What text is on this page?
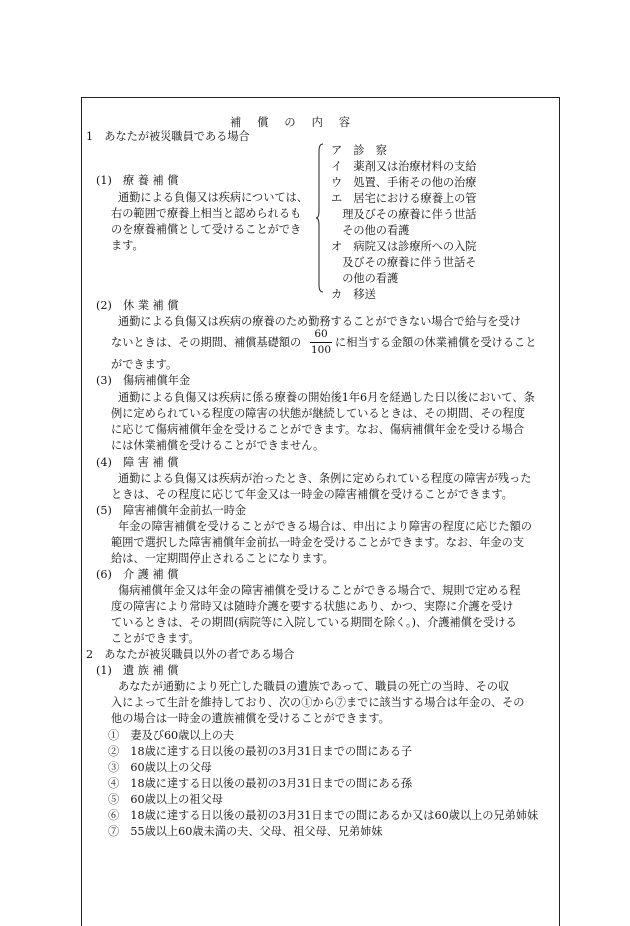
補 償 の 内 容
1　あなたが被災職員である場合
(1)　療 養 補 償
通勤による負傷又は疾病については、
右の範囲で療養上相当と認められるも
のを療養補償として受けることができ
ます。
ア　診　察
イ　薬剤又は治療材料の支給
ウ　処置、手術その他の治療
エ　居宅における療養上の管
　理及びその療養に伴う世話
　その他の看護
オ　病院又は診療所への入院
　及びその療養に伴う世話そ
　の他の看護
カ　移送
(2)　休 業 補 償
通勤による負傷又は疾病の療養のため勤務することができない場合で給与を受け
ないときは、その期間、補償基礎額の
60
100
に相当する金額の休業補償を受けること
ができます。
(3)　傷病補償年金
通勤による負傷又は疾病に係る療養の開始後1年6月を経過した日以後において、条
例に定められている程度の障害の状態が継続しているときは、その期間、その程度
に応じて傷病補償年金を受けることができます。なお、傷病補償年金を受ける場合
には休業補償を受けることができません。
(4)　障 害 補 償
通勤による負傷又は疾病が治ったとき、条例に定められている程度の障害が残った
ときは、その程度に応じて年金又は一時金の障害補償を受けることができます。
(5)　障害補償年金前払一時金
年金の障害補償を受けることができる場合は、申出により障害の程度に応じた額の
範囲で選択した障害補償年金前払一時金を受けることができます。なお、年金の支
給は、一定期間停止されることになります。
(6)　介 護 補 償
傷病補償年金又は年金の障害補償を受けることができる場合で、規則で定める程
度の障害により常時又は随時介護を要する状態にあり、かつ、実際に介護を受け
ているときは、その期間(病院等に入院している期間を除く。)、介護補償を受ける
ことができます。
2　あなたが被災職員以外の者である場合
(1)　遺 族 補 償
あなたが通勤により死亡した職員の遺族であって、職員の死亡の当時、その収
入によって生計を維持しており、次の①から⑦までに該当する場合は年金の、その
他の場合は一時金の遺族補償を受けることができます。
①　妻及び60歳以上の夫
②　18歳に達する日以後の最初の3月31日までの間にある子
③　60歳以上の父母
④　18歳に達する日以後の最初の3月31日までの間にある孫
⑤　60歳以上の祖父母
⑥　18歳に達する日以後の最初の3月31日までの間にあるか又は60歳以上の兄弟姉妹
⑦　55歳以上60歳未満の夫、父母、祖父母、兄弟姉妹
